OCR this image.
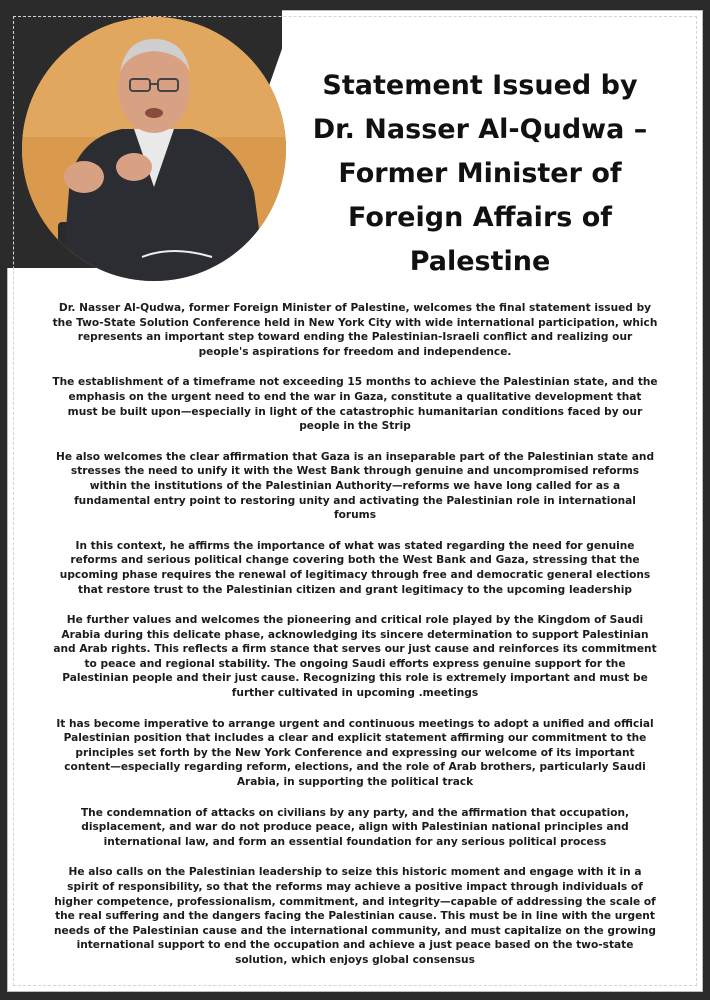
Statement Issued by Dr. Nasser Al-Qudwa – Former Minister of Foreign Affairs of Palestine

Dr. Nasser Al-Qudwa, former Foreign Minister of Palestine, welcomes the final statement issued by the Two-State Solution Conference held in New York City with wide international participation, which represents an important step toward ending the Palestinian-Israeli conflict and realizing our people's aspirations for freedom and independence.

The establishment of a timeframe not exceeding 15 months to achieve the Palestinian state, and the emphasis on the urgent need to end the war in Gaza, constitute a qualitative development that must be built upon—especially in light of the catastrophic humanitarian conditions faced by our people in the Strip

He also welcomes the clear affirmation that Gaza is an inseparable part of the Palestinian state and stresses the need to unify it with the West Bank through genuine and uncompromised reforms within the institutions of the Palestinian Authority—reforms we have long called for as a fundamental entry point to restoring unity and activating the Palestinian role in international forums

In this context, he affirms the importance of what was stated regarding the need for genuine reforms and serious political change covering both the West Bank and Gaza, stressing that the upcoming phase requires the renewal of legitimacy through free and democratic general elections that restore trust to the Palestinian citizen and grant legitimacy to the upcoming leadership

He further values and welcomes the pioneering and critical role played by the Kingdom of Saudi Arabia during this delicate phase, acknowledging its sincere determination to support Palestinian and Arab rights. This reflects a firm stance that serves our just cause and reinforces its commitment to peace and regional stability. The ongoing Saudi efforts express genuine support for the Palestinian people and their just cause. Recognizing this role is extremely important and must be further cultivated in upcoming .meetings

It has become imperative to arrange urgent and continuous meetings to adopt a unified and official Palestinian position that includes a clear and explicit statement affirming our commitment to the principles set forth by the New York Conference and expressing our welcome of its important content—especially regarding reform, elections, and the role of Arab brothers, particularly Saudi Arabia, in supporting the political track

The condemnation of attacks on civilians by any party, and the affirmation that occupation, displacement, and war do not produce peace, align with Palestinian national principles and international law, and form an essential foundation for any serious political process

He also calls on the Palestinian leadership to seize this historic moment and engage with it in a spirit of responsibility, so that the reforms may achieve a positive impact through individuals of higher competence, professionalism, commitment, and integrity—capable of addressing the scale of the real suffering and the dangers facing the Palestinian cause. This must be in line with the urgent needs of the Palestinian cause and the international community, and must capitalize on the growing international support to end the occupation and achieve a just peace based on the two-state solution, which enjoys global consensus
